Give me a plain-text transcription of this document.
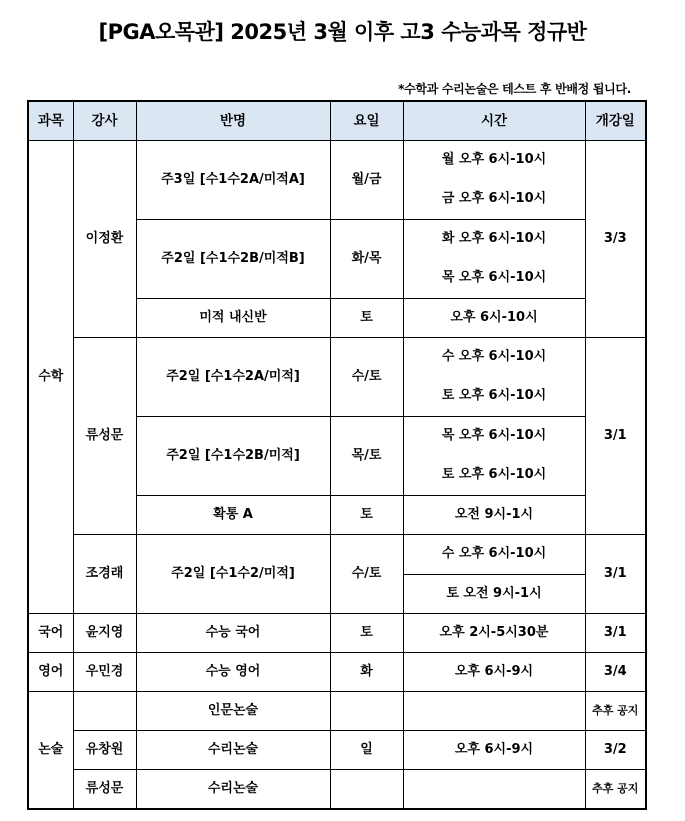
[PGA오목관] 2025년 3월 이후 고3 수능과목 정규반
*수학과 수리논술은 테스트 후 반배정 됩니다.
과목	강사	반명	요일	시간	개강일
수학	이정환	주3일 [수1수2A/미적A]	월/금	월 오후 6시-10시
금 오후 6시-10시	3/3

		주2일 [수1수2B/미적B]	화/목	화 오후 6시-10시
목 오후 6시-10시	

		미적 내신반	토	오후 6시-10시	
	류성문	주2일 [수1수2A/미적]	수/토	수 오후 6시-10시
토 오후 6시-10시	3/1

		주2일 [수1수2B/미적]	목/토	목 오후 6시-10시
토 오후 6시-10시	

		확통 A	토	오전 9시-1시	
	조경래	주2일 [수1수2/미적]	수/토	수 오후 6시-10시
토 오전 9시-1시	3/1

국어	윤지영	수능 국어	토	오후 2시-5시30분	3/1
영어	우민경	수능 영어	화	오후 6시-9시	3/4
논술		인문논술			추후 공지
	유창원	수리논술	일	오후 6시-9시	3/2
	류성문	수리논술			추후 공지
